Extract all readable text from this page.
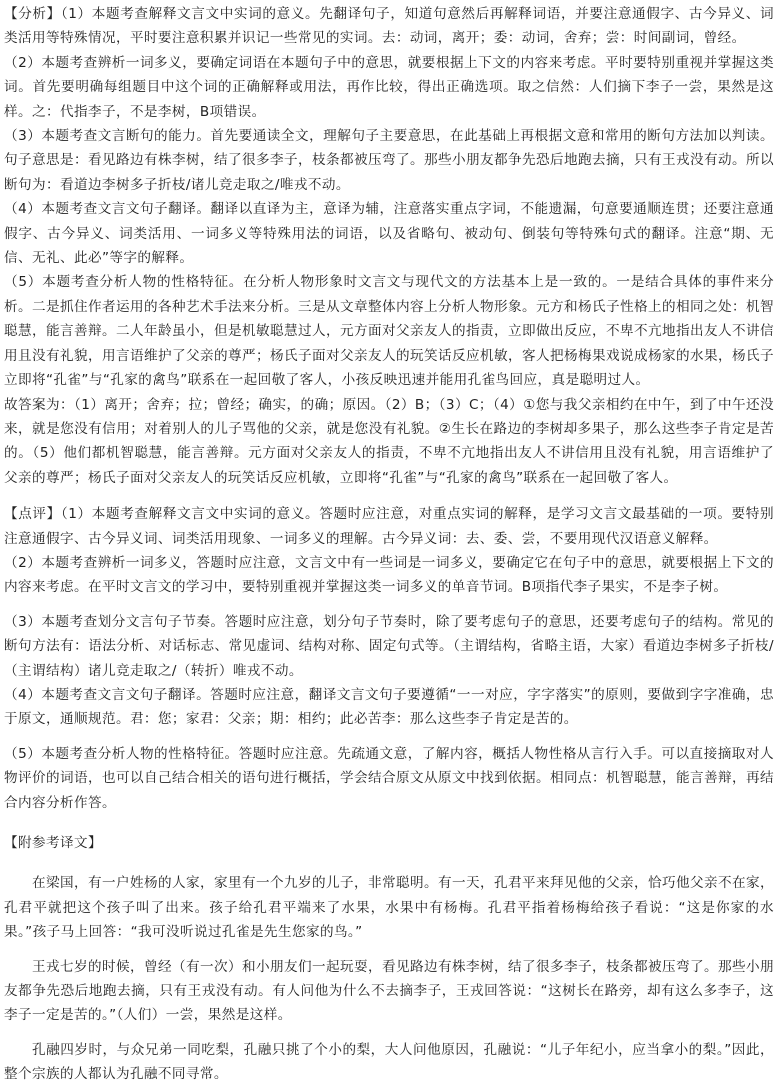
【分析】（1）本题考查解释文言文中实词的意义。先翻译句子，知道句意然后再解释词语，并要注意通假字、古今异义、词类活用等特殊情况，平时要注意积累并识记一些常见的实词。去：动词，离开；委：动词，舍弃；尝：时间副词，曾经。

（2）本题考查辨析一词多义，要确定词语在本题句子中的意思，就要根据上下文的内容来考虑。平时要特别重视并掌握这类词。首先要明确每组题目中这个词的正确解释或用法，再作比较，得出正确选项。取之信然：人们摘下李子一尝，果然是这样。之：代指李子，不是李树，B项错误。

（3）本题考查文言断句的能力。首先要通读全文，理解句子主要意思，在此基础上再根据文意和常用的断句方法加以判读。句子意思是：看见路边有株李树，结了很多李子，枝条都被压弯了。那些小朋友都争先恐后地跑去摘，只有王戎没有动。所以断句为：看道边李树多子折枝/诸儿竞走取之/唯戎不动。

（4）本题考查文言文句子翻译。翻译以直译为主，意译为辅，注意落实重点字词，不能遗漏，句意要通顺连贯；还要注意通假字、古今异义、词类活用、一词多义等特殊用法的词语，以及省略句、被动句、倒装句等特殊句式的翻译。注意“期、无信、无礼、此必”等字的解释。

（5）本题考查分析人物的性格特征。在分析人物形象时文言文与现代文的方法基本上是一致的。一是结合具体的事件来分析。二是抓住作者运用的各种艺术手法来分析。三是从文章整体内容上分析人物形象。元方和杨氏子性格上的相同之处：机智聪慧，能言善辩。二人年龄虽小，但是机敏聪慧过人，元方面对父亲友人的指责，立即做出反应，不卑不亢地指出友人不讲信用且没有礼貌，用言语维护了父亲的尊严；杨氏子面对父亲友人的玩笑话反应机敏，客人把杨梅果戏说成杨家的水果，杨氏子立即将“孔雀”与“孔家的禽鸟”联系在一起回敬了客人，小孩反映迅速并能用孔雀鸟回应，真是聪明过人。

故答案为：（1）离开；舍弃；拉；曾经；确实，的确；原因。（2）B；（3）C；（4）①您与我父亲相约在中午，到了中午还没来，就是您没有信用；对着别人的儿子骂他的父亲，就是您没有礼貌。②生长在路边的李树却多果子，那么这些李子肯定是苦的。（5）他们都机智聪慧，能言善辩。元方面对父亲友人的指责，不卑不亢地指出友人不讲信用且没有礼貌，用言语维护了父亲的尊严；杨氏子面对父亲友人的玩笑话反应机敏，立即将“孔雀”与“孔家的禽鸟”联系在一起回敬了客人。

【点评】（1）本题考查解释文言文中实词的意义。答题时应注意，对重点实词的解释，是学习文言文最基础的一项。要特别注意通假字、古今异义词、词类活用现象、一词多义的理解。古今异义词：去、委、尝，不要用现代汉语意义解释。

（2）本题考查辨析一词多义，答题时应注意，文言文中有一些词是一词多义，要确定它在句子中的意思，就要根据上下文的内容来考虑。在平时文言文的学习中，要特别重视并掌握这类一词多义的单音节词。B项指代李子果实，不是李子树。

（3）本题考查划分文言句子节奏。答题时应注意，划分句子节奏时，除了要考虑句子的意思，还要考虑句子的结构。常见的断句方法有：语法分析、对话标志、常见虚词、结构对称、固定句式等。（主谓结构，省略主语，大家）看道边李树多子折枝/（主谓结构）诸儿竞走取之/（转折）唯戎不动。

（4）本题考查文言文句子翻译。答题时应注意，翻译文言文句子要遵循“一一对应，字字落实”的原则，要做到字字准确，忠于原文，通顺规范。君：您；家君：父亲；期：相约；此必苦李：那么这些李子肯定是苦的。

（5）本题考查分析人物的性格特征。答题时应注意。先疏通文意，了解内容，概括人物性格从言行入手。可以直接摘取对人物评价的词语，也可以自己结合相关的语句进行概括，学会结合原文从原文中找到依据。相同点：机智聪慧，能言善辩，再结合内容分析作答。

【附参考译文】

在梁国，有一户姓杨的人家，家里有一个九岁的儿子，非常聪明。有一天，孔君平来拜见他的父亲，恰巧他父亲不在家，孔君平就把这个孩子叫了出来。孩子给孔君平端来了水果，水果中有杨梅。孔君平指着杨梅给孩子看说：“这是你家的水果。”孩子马上回答：“我可没听说过孔雀是先生您家的鸟。”

王戎七岁的时候，曾经（有一次）和小朋友们一起玩耍，看见路边有株李树，结了很多李子，枝条都被压弯了。那些小朋友都争先恐后地跑去摘，只有王戎没有动。有人问他为什么不去摘李子，王戎回答说：“这树长在路旁，却有这么多李子，这李子一定是苦的。”（人们）一尝，果然是这样。

孔融四岁时，与众兄弟一同吃梨，孔融只挑了个小的梨，大人问他原因，孔融说：“儿子年纪小，应当拿小的梨。”因此，整个宗族的人都认为孔融不同寻常。
